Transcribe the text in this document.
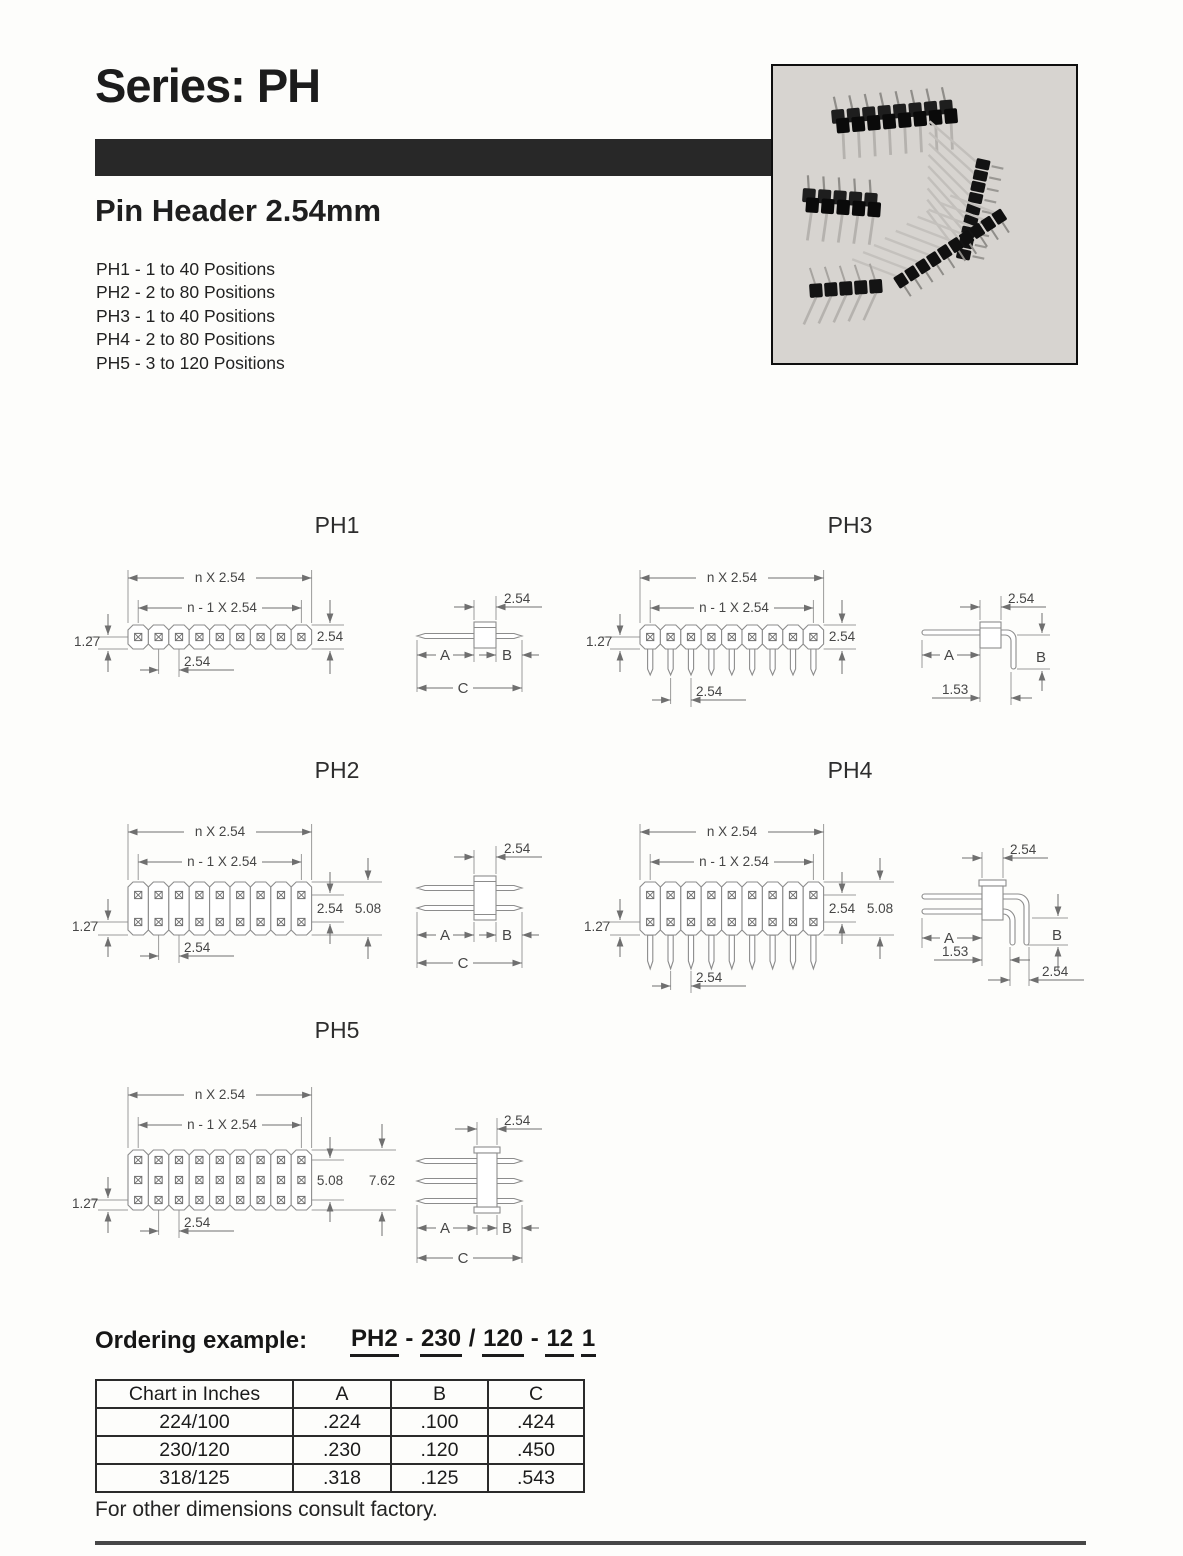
Series: PH
Pin Header 2.54mm
PH1 - 1 to 40 Positions
PH2 - 2 to 80 Positions
PH3 - 1 to 40 Positions
PH4 - 2 to 80 Positions
PH5 - 3 to 120 Positions
PH1	PH3
PH2	PH4
PH5
n X 2.54
n - 1 X 2.54
2.54
1.27
2.54
2.54
A	B
C
n X 2.54
n - 1 X 2.54
2.54
1.27
2.54
2.54
A	B
1.53
n X 2.54
n - 1 X 2.54
2.54 5.08
1.27
2.54
2.54
A	B
C
n X 2.54
n - 1 X 2.54
2.54 5.08
1.27
2.54
2.54
A	B
1.53
2.54
n X 2.54
n - 1 X 2.54
5.08 7.62
1.27
2.54
2.54
A	B
C
Ordering example: PH2 - 230 / 120 - 12 1
Chart in Inches	A	B	C
224/100	.224	.100	.424
230/120	.230	.120	.450
318/125	.318	.125	.543
For other dimensions consult factory.
